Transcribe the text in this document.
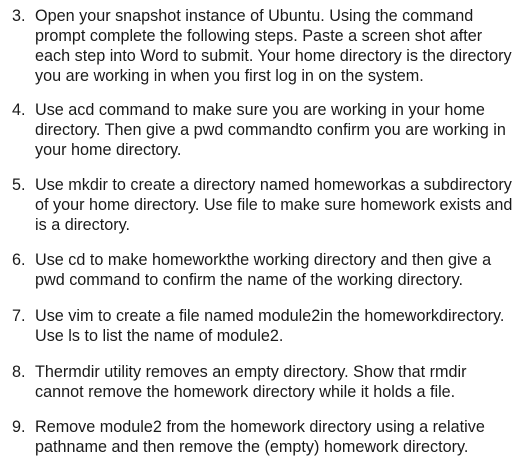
3. Open your snapshot instance of Ubuntu. Using the command
prompt complete the following steps. Paste a screen shot after
each step into Word to submit. Your home directory is the directory
you are working in when you first log in on the system.
4. Use acd command to make sure you are working in your home
directory. Then give a pwd commandto confirm you are working in
your home directory.
5. Use mkdir to create a directory named homeworkas a subdirectory
of your home directory. Use file to make sure homework exists and
is a directory.
6. Use cd to make homeworkthe working directory and then give a
pwd command to confirm the name of the working directory.
7. Use vim to create a file named module2in the homeworkdirectory.
Use ls to list the name of module2.
8. Thermdir utility removes an empty directory. Show that rmdir
cannot remove the homework directory while it holds a file.
9. Remove module2 from the homework directory using a relative
pathname and then remove the (empty) homework directory.
